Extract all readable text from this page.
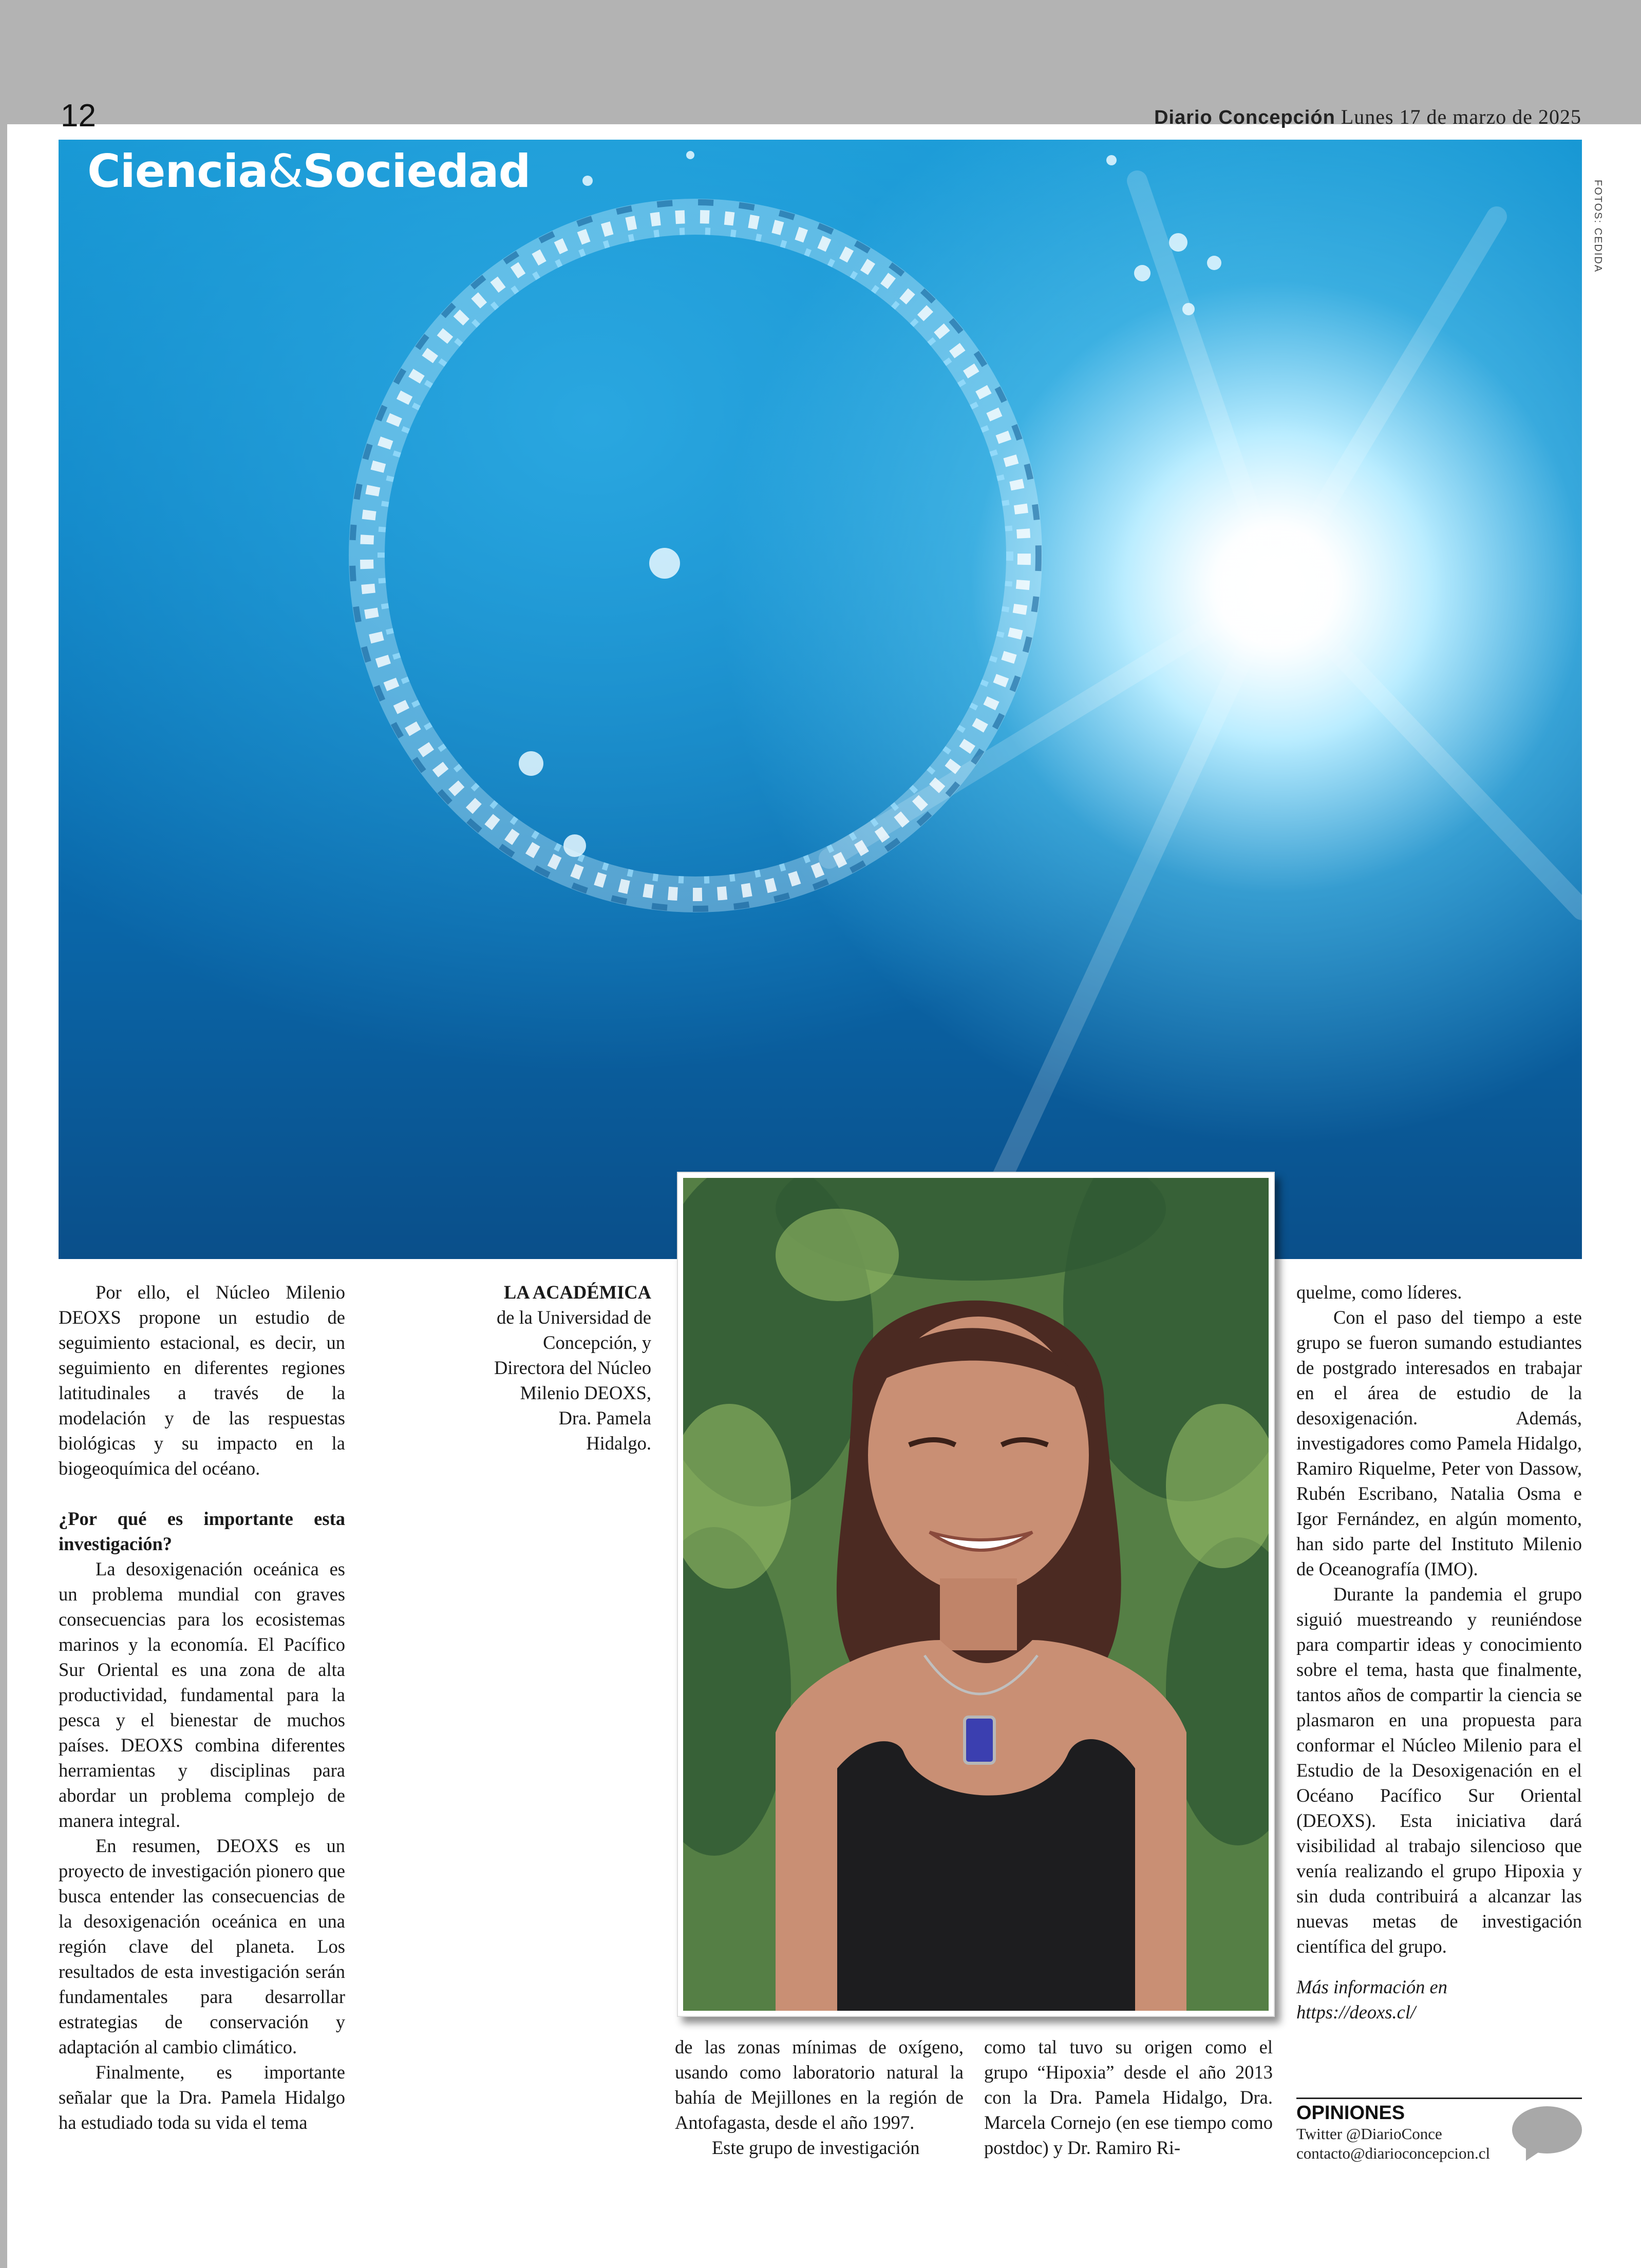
12	Diario Concepción Lunes 17 de marzo de 2025
Ciencia&Sociedad
FOTOS: CEDIDA
LA ACADÉMICA de la Universidad de Concepción, y Directora del Núcleo Milenio DEOXS, Dra. Pamela Hidalgo.

Por ello, el Núcleo Milenio DEOXS propone un estudio de seguimiento estacional, es decir, un seguimiento en diferentes regiones latitudinales a través de la modelación y de las respuestas biológicas y su impacto en la biogeoquímica del océano.

¿Por qué es importante esta investigación?

La desoxigenación oceánica es un problema mundial con graves consecuencias para los ecosistemas marinos y la economía. El Pacífico Sur Oriental es una zona de alta productividad, fundamental para la pesca y el bienestar de muchos países. DEOXS combina diferentes herramientas y disciplinas para abordar un problema complejo de manera integral.

En resumen, DEOXS es un proyecto de investigación pionero que busca entender las consecuencias de la desoxigenación oceánica en una región clave del planeta. Los resultados de esta investigación serán fundamentales para desarrollar estrategias de conservación y adaptación al cambio climático.

Finalmente, es importante señalar que la Dra. Pamela Hidalgo ha estudiado toda su vida el tema

de las zonas mínimas de oxígeno, usando como laboratorio natural la bahía de Mejillones en la región de Antofagasta, desde el año 1997.

Este grupo de investigación

como tal tuvo su origen como el grupo “Hipoxia” desde el año 2013 con la Dra. Pamela Hidalgo, Dra. Marcela Cornejo (en ese tiempo como postdoc) y Dr. Ramiro Ri-

quelme, como líderes.

Con el paso del tiempo a este grupo se fueron sumando estudiantes de postgrado interesados en trabajar en el área de estudio de la desoxigenación. Además, investigadores como Pamela Hidalgo, Ramiro Riquelme, Peter von Dassow, Rubén Escribano, Natalia Osma e Igor Fernández, en algún momento, han sido parte del Instituto Milenio de Oceanografía (IMO).

Durante la pandemia el grupo siguió muestreando y reuniéndose para compartir ideas y conocimiento sobre el tema, hasta que finalmente, tantos años de compartir la ciencia se plasmaron en una propuesta para conformar el Núcleo Milenio para el Estudio de la Desoxigenación en el Océano Pacífico Sur Oriental (DEOXS). Esta iniciativa dará visibilidad al trabajo silencioso que venía realizando el grupo Hipoxia y sin duda contribuirá a alcanzar las nuevas metas de investigación científica del grupo.

Más información en

https://deoxs.cl/

OPINIONES
Twitter @DiarioConce
contacto@diarioconcepcion.cl
